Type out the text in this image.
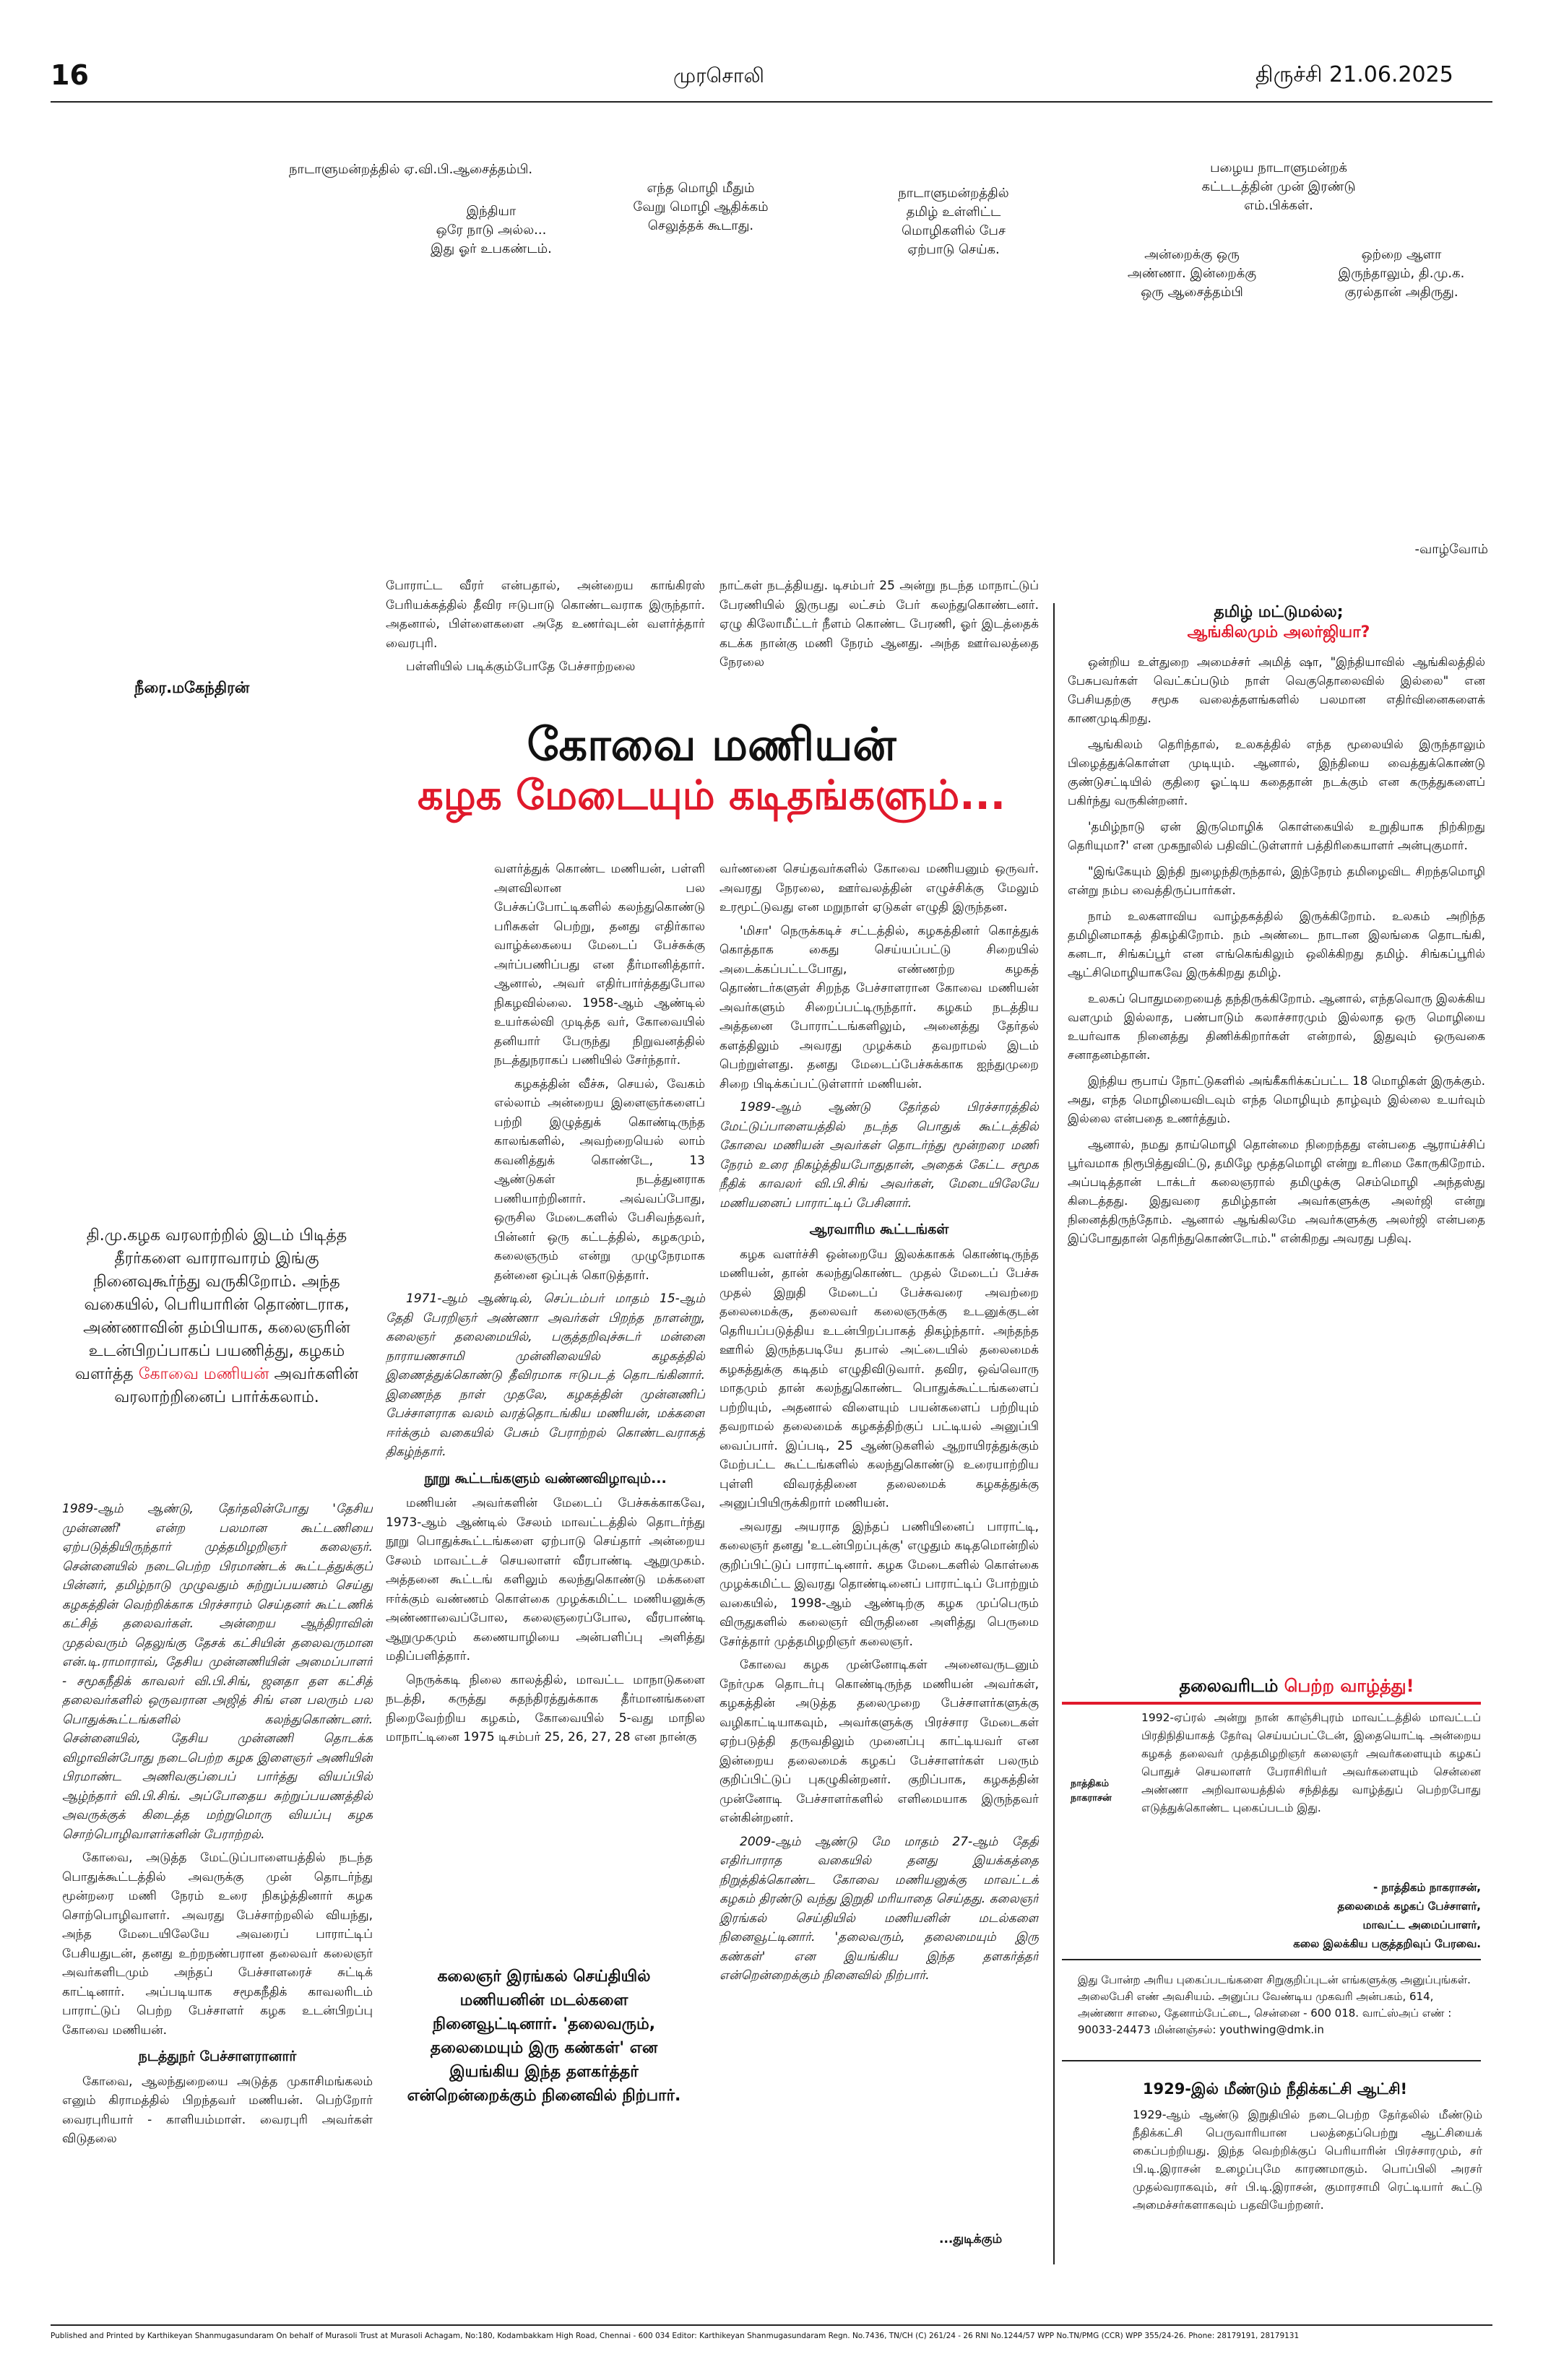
16	முரசொலி	திருச்சி 21.06.2025
நாடாளுமன்றத்தில் ஏ.வி.பி.ஆசைத்தம்பி.
இந்தியா
ஒரே நாடு அல்ல...
இது ஓர் உபகண்டம்.
எந்த மொழி மீதும்
வேறு மொழி ஆதிக்கம்
செலுத்தக் கூடாது.
நாடாளுமன்றத்தில்
தமிழ் உள்ளிட்ட
மொழிகளில் பேச
ஏற்பாடு செய்க.
பழைய நாடாளுமன்றக்
கட்டடத்தின் முன் இரண்டு
எம்.பிக்கள்.
அன்றைக்கு ஒரு
அண்ணா. இன்றைக்கு
ஒரு ஆசைத்தம்பி
ஒற்றை ஆளா
இருந்தாலும், தி.மு.க.
குரல்தான் அதிருது.
-வாழ்வோம்
நீரை.மகேந்திரன்

போராட்ட வீரர் என்பதால், அன்றைய காங்கிரஸ் பேரியக்கத்தில் தீவிர ஈடுபாடு கொண்டவராக இருந்தார். அதனால், பிள்ளைகளை அதே உணர்வுடன் வளர்த்தார் வைரபுரி.

பள்ளியில் படிக்கும்போதே பேச்சாற்றலை

நாட்கள் நடத்தியது. டிசம்பர் 25 அன்று நடந்த மாநாட்டுப் பேரணியில் இருபது லட்சம் பேர் கலந்துகொண்டனர். ஏழு கிலோமீட்டர் நீளம் கொண்ட பேரணி, ஓர் இடத்தைக் கடக்க நான்கு மணி நேரம் ஆனது. அந்த ஊர்வலத்தை நேரலை

கோவை மணியன்
கழக மேடையும் கடிதங்களும்...
தி.மு.கழக வரலாற்றில் இடம் பிடித்த தீரர்களை வாராவாரம் இங்கு நினைவுகூர்ந்து வருகிறோம். அந்த வகையில், பெரியாரின் தொண்டராக, அண்ணாவின் தம்பியாக, கலைஞரின் உடன்பிறப்பாகப் பயணித்து, கழகம் வளர்த்த கோவை மணியன் அவர்களின் வரலாற்றினைப் பார்க்கலாம்.

1989-ஆம் ஆண்டு, தேர்தலின்போது 'தேசிய முன்னணி' என்ற பலமான கூட்டணியை ஏற்படுத்தியிருந்தார் முத்தமிழறிஞர் கலைஞர். சென்னையில் நடைபெற்ற பிரமாண்டக் கூட்டத்துக்குப் பின்னர், தமிழ்நாடு முழுவதும் சுற்றுப்பயணம் செய்து கழகத்தின் வெற்றிக்காக பிரச்சாரம் செய்தனர் கூட்டணிக் கட்சித் தலைவர்கள். அன்றைய ஆந்திராவின் முதல்வரும் தெலுங்கு தேசக் கட்சியின் தலைவருமான என்.டி.ராமாராவ், தேசிய முன்னணியின் அமைப்பாளர் - சமூகநீதிக் காவலர் வி.பி.சிங், ஜனதா தள கட்சித் தலைவர்களில் ஒருவரான அஜித் சிங் என பலரும் பல பொதுக்கூட்டங்களில் கலந்துகொண்டனர். சென்னையில், தேசிய முன்னணி தொடக்க விழாவின்போது நடைபெற்ற கழக இளைஞர் அணியின் பிரமாண்ட அணிவகுப்பைப் பார்த்து வியப்பில் ஆழ்ந்தார் வி.பி.சிங். அப்போதைய சுற்றுப்பயணத்தில் அவருக்குக் கிடைத்த மற்றுமொரு வியப்பு கழக சொற்பொழிவாளர்களின் பேராற்றல்.

கோவை, அடுத்த மேட்டுப்பாளையத்தில் நடந்த பொதுக்கூட்டத்தில் அவருக்கு முன் தொடர்ந்து மூன்றரை மணி நேரம் உரை நிகழ்த்தினார் கழக சொற்பொழிவாளர். அவரது பேச்சாற்றலில் வியந்து, அந்த மேடையிலேயே அவரைப் பாராட்டிப் பேசியதுடன், தனது உற்றநண்பரான தலைவர் கலைஞர் அவர்களிடமும் அந்தப் பேச்சாளரைச் சுட்டிக் காட்டினார். அப்படியாக சமூகநீதிக் காவலரிடம் பாராட்டுப் பெற்ற பேச்சாளர் கழக உடன்பிறப்பு கோவை மணியன்.

நடத்துநர் பேச்சாளரானார்

கோவை, ஆலந்துறையை அடுத்த முகாசிமங்கலம் எனும் கிராமத்தில் பிறந்தவர் மணியன். பெற்றோர் வைரபுரியார் - காளியம்மாள். வைரபுரி அவர்கள் விடுதலை

வளர்த்துக் கொண்ட மணியன், பள்ளி அளவிலான பல பேச்சுப்போட்டிகளில் கலந்துகொண்டு பரிசுகள் பெற்று, தனது எதிர்கால வாழ்க்கையை மேடைப் பேச்சுக்கு அர்ப்பணிப்பது என தீர்மானித்தார். ஆனால், அவர் எதிர்பார்த்ததுபோல நிகழவில்லை. 1958-ஆம் ஆண்டில் உயர்கல்வி முடித்த வர், கோவையில் தனியார் பேருந்து நிறுவனத்தில் நடத்துநராகப் பணியில் சேர்ந்தார்.

கழகத்தின் வீச்சு, செயல், வேகம் எல்லாம் அன்றைய இளைஞர்களைப் பற்றி இழுத்துக் கொண்டிருந்த காலங்களில், அவற்றையெல் லாம் கவனித்துக் கொண்டே, 13 ஆண்டுகள் நடத்துனராக பணியாற்றினார். அவ்வப்போது, ஒருசில மேடைகளில் பேசிவந்தவர், பின்னர் ஒரு கட்டத்தில், கழகமும், கலைஞரும் என்று முழுநேரமாக தன்னை ஒப்புக் கொடுத்தார்.

1971-ஆம் ஆண்டில், செப்டம்பர் மாதம் 15-ஆம் தேதி பேரறிஞர் அண்ணா அவர்கள் பிறந்த நாளன்று, கலைஞர் தலைமையில், பகுத்தறிவுச்சுடர் மன்னை நாராயணசாமி முன்னிலையில் கழகத்தில் இணைத்துக்கொண்டு தீவிரமாக ஈடுபடத் தொடங்கினார். இணைந்த நாள் முதலே, கழகத்தின் முன்னணிப் பேச்சாளராக வலம் வரத்தொடங்கிய மணியன், மக்களை ஈர்க்கும் வகையில் பேசும் பேராற்றல் கொண்டவராகத் திகழ்ந்தார்.

நூறு கூட்டங்களும் வண்ணவிழாவும்...

மணியன் அவர்களின் மேடைப் பேச்சுக்காகவே, 1973-ஆம் ஆண்டில் சேலம் மாவட்டத்தில் தொடர்ந்து நூறு பொதுக்கூட்டங்களை ஏற்பாடு செய்தார் அன்றைய சேலம் மாவட்டச் செயலாளர் வீரபாண்டி ஆறுமுகம். அத்தனை கூட்டங் களிலும் கலந்துகொண்டு மக்களை ஈர்க்கும் வண்ணம் கொள்கை முழக்கமிட்ட மணியனுக்கு அண்ணாவைப்போல, கலைஞரைப்போல, வீரபாண்டி ஆறுமுகமும் கணையாழியை அன்பளிப்பு அளித்து மதிப்பளித்தார்.

நெருக்கடி நிலை காலத்தில், மாவட்ட மாநாடுகளை நடத்தி, கருத்து சுதந்திரத்துக்காக தீர்மானங்களை நிறைவேற்றிய கழகம், கோவையில் 5-வது மாநில மாநாட்டினை 1975 டிசம்பர் 25, 26, 27, 28 என நான்கு

கலைஞர் இரங்கல் செய்தியில் மணியனின் மடல்களை நினைவூட்டினார். 'தலைவரும், தலைமையும் இரு கண்கள்' என இயங்கிய இந்த தளகர்த்தர் என்றென்றைக்கும் நினைவில் நிற்பார்.

வர்ணனை செய்தவர்களில் கோவை மணியனும் ஒருவர். அவரது நேரலை, ஊர்வலத்தின் எழுச்சிக்கு மேலும் உரமூட்டுவது என மறுநாள் ஏடுகள் எழுதி இருந்தன.

'மிசா' நெருக்கடிச் சட்டத்தில், கழகத்தினர் கொத்துக் கொத்தாக கைது செய்யப்பட்டு சிறையில் அடைக்கப்பட்டபோது, எண்ணற்ற கழகத் தொண்டர்களுள் சிறந்த பேச்சாளரான கோவை மணியன் அவர்களும் சிறைப்பட்டிருந்தார். கழகம் நடத்திய அத்தனை போராட்டங்களிலும், அனைத்து தேர்தல் களத்திலும் அவரது முழக்கம் தவறாமல் இடம் பெற்றுள்ளது. தனது மேடைப்பேச்சுக்காக ஐந்துமுறை சிறை பிடிக்கப்பட்டுள்ளார் மணியன்.

1989-ஆம் ஆண்டு தேர்தல் பிரச்சாரத்தில் மேட்டுப்பாளையத்தில் நடந்த பொதுக் கூட்டத்தில் கோவை மணியன் அவர்கள் தொடர்ந்து மூன்றரை மணி நேரம் உரை நிகழ்த்தியபோதுதான், அதைக் கேட்ட சமூக நீதிக் காவலர் வி.பி.சிங் அவர்கள், மேடையிலேயே மணியனைப் பாராட்டிப் பேசினார்.

ஆரவாரிம கூட்டங்கள்

கழக வளர்ச்சி ஒன்றையே இலக்காகக் கொண்டிருந்த மணியன், தான் கலந்துகொண்ட முதல் மேடைப் பேச்சு முதல் இறுதி மேடைப் பேச்சுவரை அவற்றை தலைமைக்கு, தலைவர் கலைஞருக்கு உடனுக்குடன் தெரியப்படுத்திய உடன்பிறப்பாகத் திகழ்ந்தார். அந்தந்த ஊரில் இருந்தபடியே தபால் அட்டையில் தலைமைக் கழகத்துக்கு கடிதம் எழுதிவிடுவார். தவிர, ஒவ்வொரு மாதமும் தான் கலந்துகொண்ட பொதுக்கூட்டங்களைப் பற்றியும், அதனால் விளையும் பயன்களைப் பற்றியும் தவறாமல் தலைமைக் கழகத்திற்குப் பட்டியல் அனுப்பி வைப்பார். இப்படி, 25 ஆண்டுகளில் ஆறாயிரத்துக்கும் மேற்பட்ட கூட்டங்களில் கலந்துகொண்டு உரையாற்றிய புள்ளி விவரத்தினை தலைமைக் கழகத்துக்கு அனுப்பியிருக்கிறார் மணியன்.

அவரது அயராத இந்தப் பணியினைப் பாராட்டி, கலைஞர் தனது 'உடன்பிறப்புக்கு' எழுதும் கடிதமொன்றில் குறிப்பிட்டுப் பாராட்டினார். கழக மேடைகளில் கொள்கை முழக்கமிட்ட இவரது தொண்டினைப் பாராட்டிப் போற்றும் வகையில், 1998-ஆம் ஆண்டிற்கு கழக முப்பெரும் விருதுகளில் கலைஞர் விருதினை அளித்து பெருமை சேர்த்தார் முத்தமிழறிஞர் கலைஞர்.

கோவை கழக முன்னோடிகள் அனைவருடனும் நேர்முக தொடர்பு கொண்டிருந்த மணியன் அவர்கள், கழகத்தின் அடுத்த தலைமுறை பேச்சாளர்களுக்கு வழிகாட்டியாகவும், அவர்களுக்கு பிரச்சார மேடைகள் ஏற்படுத்தி தருவதிலும் முனைப்பு காட்டியவர் என இன்றைய தலைமைக் கழகப் பேச்சாளர்கள் பலரும் குறிப்பிட்டுப் புகழுகின்றனர். குறிப்பாக, கழகத்தின் முன்னோடி பேச்சாளர்களில் எளிமையாக இருந்தவர் என்கின்றனர்.

2009-ஆம் ஆண்டு மே மாதம் 27-ஆம் தேதி எதிர்பாராத வகையில் தனது இயக்கத்தை நிறுத்திக்கொண்ட கோவை மணியனுக்கு மாவட்டக் கழகம் திரண்டு வந்து இறுதி மரியாதை செய்தது. கலைஞர் இரங்கல் செய்தியில் மணியனின் மடல்களை நினைவூட்டினார். 'தலைவரும், தலைமையும் இரு கண்கள்' என இயங்கிய இந்த தளகர்த்தர் என்றென்றைக்கும் நினைவில் நிற்பார்.

...துடிக்கும்
தமிழ் மட்டுமல்ல;
ஆங்கிலமும் அலர்ஜியா?

ஒன்றிய உள்துறை அமைச்சர் அமித் ஷா, "இந்தியாவில் ஆங்கிலத்தில் பேசுபவர்கள் வெட்கப்படும் நாள் வெகுதொலைவில் இல்லை" என பேசியதற்கு சமூக வலைத்தளங்களில் பலமான எதிர்வினைகளைக் காணமுடிகிறது.

ஆங்கிலம் தெரிந்தால், உலகத்தில் எந்த மூலையில் இருந்தாலும் பிழைத்துக்கொள்ள முடியும். ஆனால், இந்தியை வைத்துக்கொண்டு குண்டுசட்டியில் குதிரை ஓட்டிய கதைதான் நடக்கும் என கருத்துகளைப் பகிர்ந்து வருகின்றனர்.

'தமிழ்நாடு ஏன் இருமொழிக் கொள்கையில் உறுதியாக நிற்கிறது தெரியுமா?' என முகநூலில் பதிவிட்டுள்ளார் பத்திரிகையாளர் அன்புகுமார்.

"இங்கேயும் இந்தி நுழைந்திருந்தால், இந்நேரம் தமிழைவிட சிறந்தமொழி என்று நம்ப வைத்திருப்பார்கள்.

நாம் உலகளாவிய வாழ்தகத்தில் இருக்கிறோம். உலகம் அறிந்த தமிழினமாகத் திகழ்கிறோம். நம் அண்டை நாடான இலங்கை தொடங்கி, கனடா, சிங்கப்பூர் என எங்கெங்கிலும் ஒலிக்கிறது தமிழ். சிங்கப்பூரில் ஆட்சிமொழியாகவே இருக்கிறது தமிழ்.

உலகப் பொதுமறையைத் தந்திருக்கிறோம். ஆனால், எந்தவொரு இலக்கிய வளமும் இல்லாத, பண்பாடும் கலாச்சாரமும் இல்லாத ஒரு மொழியை உயர்வாக நினைத்து திணிக்கிறார்கள் என்றால், இதுவும் ஒருவகை சனாதனம்தான்.

இந்திய ரூபாய் நோட்டுகளில் அங்கீகரிக்கப்பட்ட 18 மொழிகள் இருக்கும். அது, எந்த மொழியைவிடவும் எந்த மொழியும் தாழ்வும் இல்லை உயர்வும் இல்லை என்பதை உணர்த்தும்.

ஆனால், நமது தாய்மொழி தொன்மை நிறைந்தது என்பதை ஆராய்ச்சிப் பூர்வமாக நிரூபித்துவிட்டு, தமிழே மூத்தமொழி என்று உரிமை கோருகிறோம். அப்படித்தான் டாக்டர் கலைஞரால் தமிழுக்கு செம்மொழி அந்தஸ்து கிடைத்தது. இதுவரை தமிழ்தான் அவர்களுக்கு அலர்ஜி என்று நினைத்திருந்தோம். ஆனால் ஆங்கிலமே அவர்களுக்கு அலர்ஜி என்பதை இப்போதுதான் தெரிந்துகொண்டோம்." என்கிறது அவரது பதிவு.

தலைவரிடம் பெற்ற வாழ்த்து!
நாத்திகம்
நாகராசன்
1992-ஏப்ரல் அன்று நான் காஞ்சிபுரம் மாவட்டத்தில் மாவட்டப் பிரதிநிதியாகத் தேர்வு செய்யப்பட்டேன், இதையொட்டி அன்றைய கழகத் தலைவர் முத்தமிழறிஞர் கலைஞர் அவர்களையும் கழகப் பொதுச் செயலாளர் பேராசிரியர் அவர்களையும் சென்னை அண்ணா அறிவாலயத்தில் சந்தித்து வாழ்த்துப் பெற்றபோது எடுத்துக்கொண்ட புகைப்படம் இது.
- நாத்திகம் நாகராசன்,
தலைமைக் கழகப் பேச்சாளர்,
மாவட்ட அமைப்பாளர்,
கலை இலக்கிய பகுத்தறிவுப் பேரவை.
இது போன்ற அரிய புகைப்படங்களை சிறுகுறிப்புடன் எங்களுக்கு அனுப்புங்கள். அலைபேசி எண் அவசியம். அனுப்ப வேண்டிய முகவரி அன்பகம், 614, அண்ணா சாலை, தேனாம்பேட்டை, சென்னை - 600 018. வாட்ஸ்அப் எண் : 90033-24473 மின்னஞ்சல்: youthwing@dmk.in
1929-இல் மீண்டும் நீதிக்கட்சி ஆட்சி!
1929-ஆம் ஆண்டு இறுதியில் நடைபெற்ற தேர்தலில் மீண்டும் நீதிக்கட்சி பெருவாரியான பலத்தைப்பெற்று ஆட்சியைக் கைப்பற்றியது. இந்த வெற்றிக்குப் பெரியாரின் பிரச்சாரமும், சர் பி.டி.இராசன் உழைப்புமே காரணமாகும். பொப்பிலி அரசர் முதல்வராகவும், சர் பி.டி.இராசன், குமாரசாமி ரெட்டியார் கூட்டு அமைச்சர்களாகவும் பதவியேற்றனர்.
Published and Printed by Karthikeyan Shanmugasundaram On behalf of Murasoli Trust at Murasoli Achagam, No:180, Kodambakkam High Road, Chennai - 600 034 Editor: Karthikeyan Shanmugasundaram Regn. No.7436, TN/CH (C) 261/24 - 26 RNI No.1244/57 WPP No.TN/PMG (CCR) WPP 355/24-26. Phone: 28179191, 28179131
